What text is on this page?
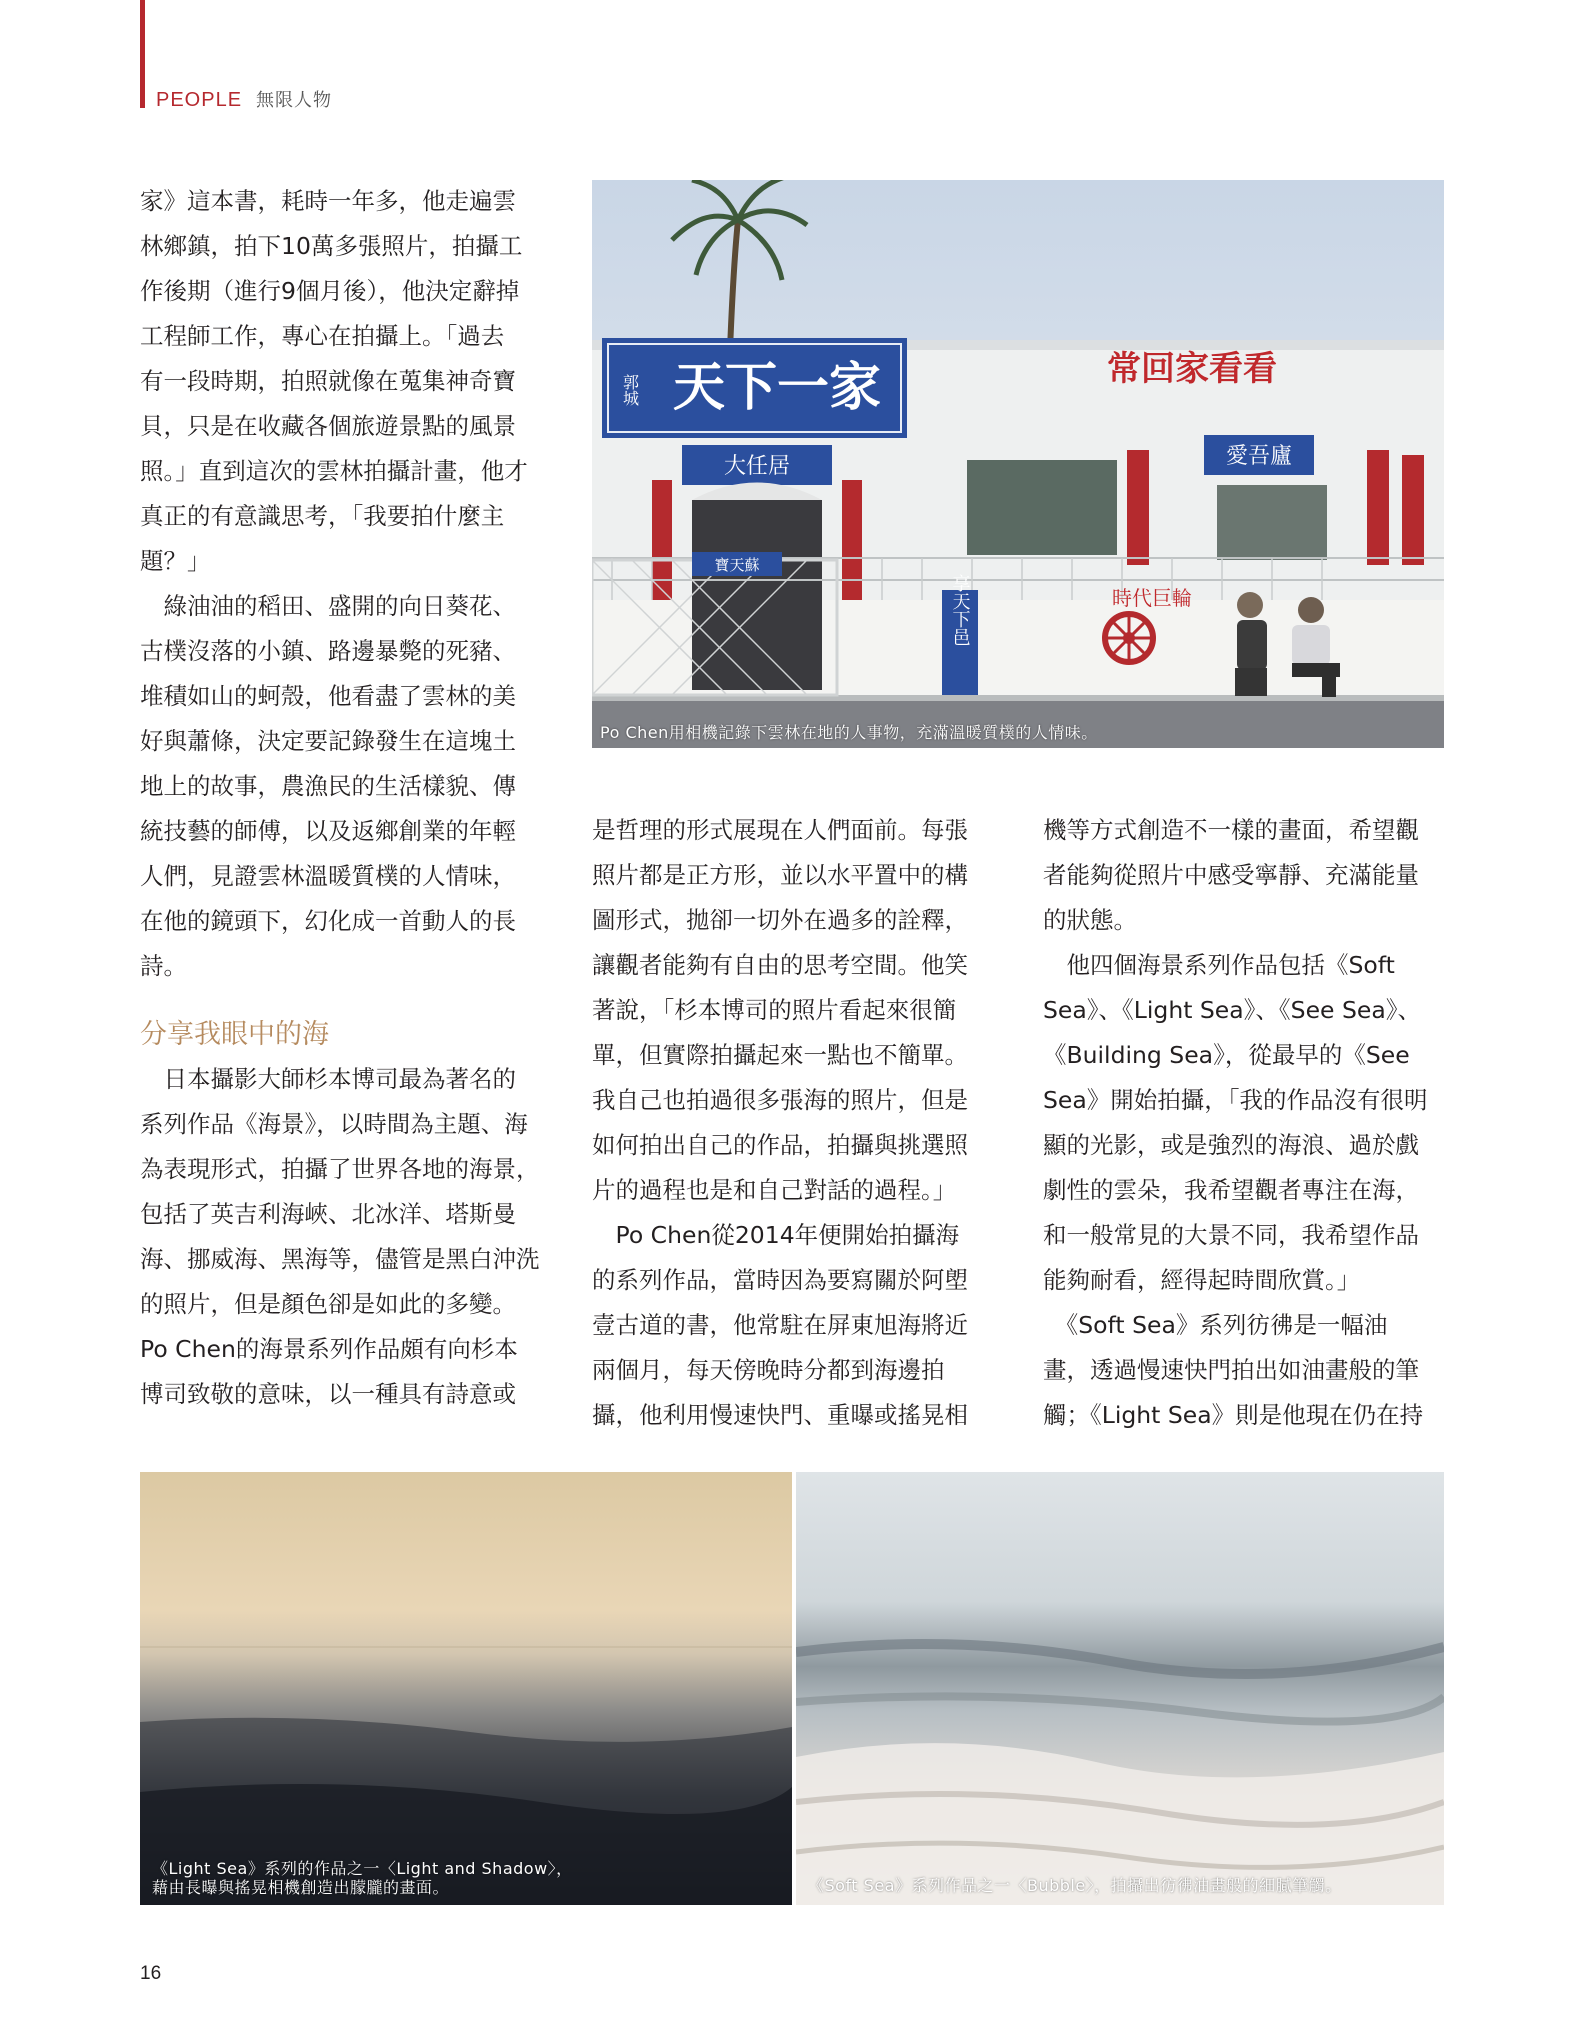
PEOPLE 無限人物

家》這本書，耗時一年多，他走遍雲

林鄉鎮，拍下10萬多張照片，拍攝工

作後期（進行9個月後），他決定辭掉

工程師工作，專心在拍攝上。「過去

有一段時期，拍照就像在蒐集神奇寶

貝，只是在收藏各個旅遊景點的風景

照。」直到這次的雲林拍攝計畫，他才

真正的有意識思考，「我要拍什麼主

題？」

　綠油油的稻田、盛開的向日葵花、

古樸沒落的小鎮、路邊暴斃的死豬、

堆積如山的蚵殼，他看盡了雲林的美

好與蕭條，決定要記錄發生在這塊土

地上的故事，農漁民的生活樣貌、傳

統技藝的師傅，以及返鄉創業的年輕

人們，見證雲林溫暖質樸的人情味，

在他的鏡頭下，幻化成一首動人的長

詩。

分享我眼中的海

　日本攝影大師杉本博司最為著名的

系列作品《海景》，以時間為主題、海

為表現形式，拍攝了世界各地的海景，

包括了英吉利海峽、北冰洋、塔斯曼

海、挪威海、黑海等，儘管是黑白沖洗

的照片，但是顏色卻是如此的多變。

Po Chen的海景系列作品頗有向杉本

博司致敬的意味，以一種具有詩意或

是哲理的形式展現在人們面前。每張

照片都是正方形，並以水平置中的構

圖形式，拋卻一切外在過多的詮釋，

讓觀者能夠有自由的思考空間。他笑

著說，「杉本博司的照片看起來很簡

單，但實際拍攝起來一點也不簡單。

我自己也拍過很多張海的照片，但是

如何拍出自己的作品，拍攝與挑選照

片的過程也是和自己對話的過程。」

　Po Chen從2014年便開始拍攝海

的系列作品，當時因為要寫關於阿塱

壹古道的書，他常駐在屏東旭海將近

兩個月，每天傍晚時分都到海邊拍

攝，他利用慢速快門、重曝或搖晃相

機等方式創造不一樣的畫面，希望觀

者能夠從照片中感受寧靜、充滿能量

的狀態。

　他四個海景系列作品包括《Soft

Sea》、《Light Sea》、《See Sea》、

《Building Sea》，從最早的《See

Sea》開始拍攝，「我的作品沒有很明

顯的光影，或是強烈的海浪、過於戲

劇性的雲朵，我希望觀者專注在海，

和一般常見的大景不同，我希望作品

能夠耐看，經得起時間欣賞。」

　《Soft Sea》系列彷彿是一幅油

畫，透過慢速快門拍出如油畫般的筆

觸；《Light Sea》則是他現在仍在持

天下一家
郭城
常回家看看
大任居	愛吾廬
寶天蘇
享天下邑	時代巨輪
Po Chen用相機記錄下雲林在地的人事物，充滿溫暖質樸的人情味。
《Light Sea》系列的作品之一〈Light and Shadow〉，
藉由長曝與搖晃相機創造出朦朧的畫面。	《Soft Sea》系列作品之一〈Bubble〉，拍攝出彷彿油畫般的細膩筆觸。
16
